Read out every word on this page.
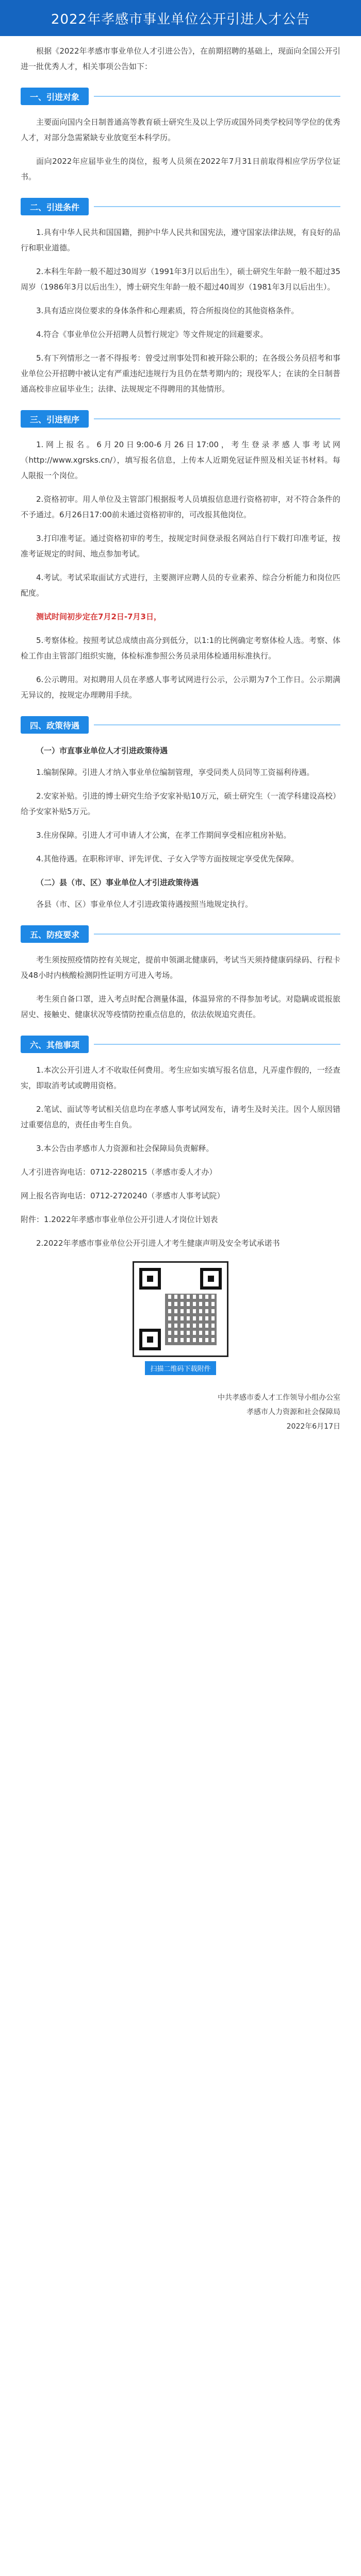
2022年孝感市事业单位公开引进人才公告

根据《2022年孝感市事业单位人才引进公告》，在前期招聘的基础上，现面向全国公开引进一批优秀人才，相关事项公告如下：

一、引进对象

主要面向国内全日制普通高等教育硕士研究生及以上学历或国外同类学校同等学位的优秀人才，对部分急需紧缺专业放宽至本科学历。

面向2022年应届毕业生的岗位，报考人员须在2022年7月31日前取得相应学历学位证书。

二、引进条件

1.具有中华人民共和国国籍，拥护中华人民共和国宪法，遵守国家法律法规，有良好的品行和职业道德。

2.本科生年龄一般不超过30周岁（1991年3月以后出生），硕士研究生年龄一般不超过35周岁（1986年3月以后出生），博士研究生年龄一般不超过40周岁（1981年3月以后出生）。

3.具有适应岗位要求的身体条件和心理素质，符合所报岗位的其他资格条件。

4.符合《事业单位公开招聘人员暂行规定》等文件规定的回避要求。

5.有下列情形之一者不得报考：曾受过刑事处罚和被开除公职的；在各级公务员招考和事业单位公开招聘中被认定有严重违纪违规行为且仍在禁考期内的；现役军人；在读的全日制普通高校非应届毕业生；法律、法规规定不得聘用的其他情形。

三、引进程序

1.网上报名。6月20日9:00-6月26日17:00，考生登录孝感人事考试网（http://www.xgrsks.cn/），填写报名信息，上传本人近期免冠证件照及相关证书材料。每人限报一个岗位。

2.资格初审。用人单位及主管部门根据报考人员填报信息进行资格初审，对不符合条件的不予通过。6月26日17:00前未通过资格初审的，可改报其他岗位。

3.打印准考证。通过资格初审的考生，按规定时间登录报名网站自行下载打印准考证，按准考证规定的时间、地点参加考试。

4.考试。考试采取面试方式进行，主要测评应聘人员的专业素养、综合分析能力和岗位匹配度。

测试时间初步定在7月2日-7月3日，

5.考察体检。按照考试总成绩由高分到低分，以1:1的比例确定考察体检人选。考察、体检工作由主管部门组织实施，体检标准参照公务员录用体检通用标准执行。

6.公示聘用。对拟聘用人员在孝感人事考试网进行公示，公示期为7个工作日。公示期满无异议的，按规定办理聘用手续。

四、政策待遇

（一）市直事业单位人才引进政策待遇

1.编制保障。引进人才纳入事业单位编制管理，享受同类人员同等工资福利待遇。

2.安家补贴。引进的博士研究生给予安家补贴10万元，硕士研究生（一流学科建设高校）给予安家补贴5万元。

3.住房保障。引进人才可申请人才公寓，在孝工作期间享受相应租房补贴。

4.其他待遇。在职称评审、评先评优、子女入学等方面按规定享受优先保障。

（二）县（市、区）事业单位人才引进政策待遇

各县（市、区）事业单位人才引进政策待遇按照当地规定执行。

五、防疫要求

考生须按照疫情防控有关规定，提前申领湖北健康码，考试当天须持健康码绿码、行程卡及48小时内核酸检测阴性证明方可进入考场。

考生须自备口罩，进入考点时配合测量体温，体温异常的不得参加考试。对隐瞒或谎报旅居史、接触史、健康状况等疫情防控重点信息的，依法依规追究责任。

六、其他事项

1.本次公开引进人才不收取任何费用。考生应如实填写报名信息，凡弄虚作假的，一经查实，即取消考试或聘用资格。

2.笔试、面试等考试相关信息均在孝感人事考试网发布，请考生及时关注。因个人原因错过重要信息的，责任由考生自负。

3.本公告由孝感市人力资源和社会保障局负责解释。

人才引进咨询电话：0712-2280215（孝感市委人才办）

网上报名咨询电话：0712-2720240（孝感市人事考试院）

附件：1.2022年孝感市事业单位公开引进人才岗位计划表

2.2022年孝感市事业单位公开引进人才考生健康声明及安全考试承诺书

扫描二维码下载附件
中共孝感市委人才工作领导小组办公室
孝感市人力资源和社会保障局
2022年6月17日
